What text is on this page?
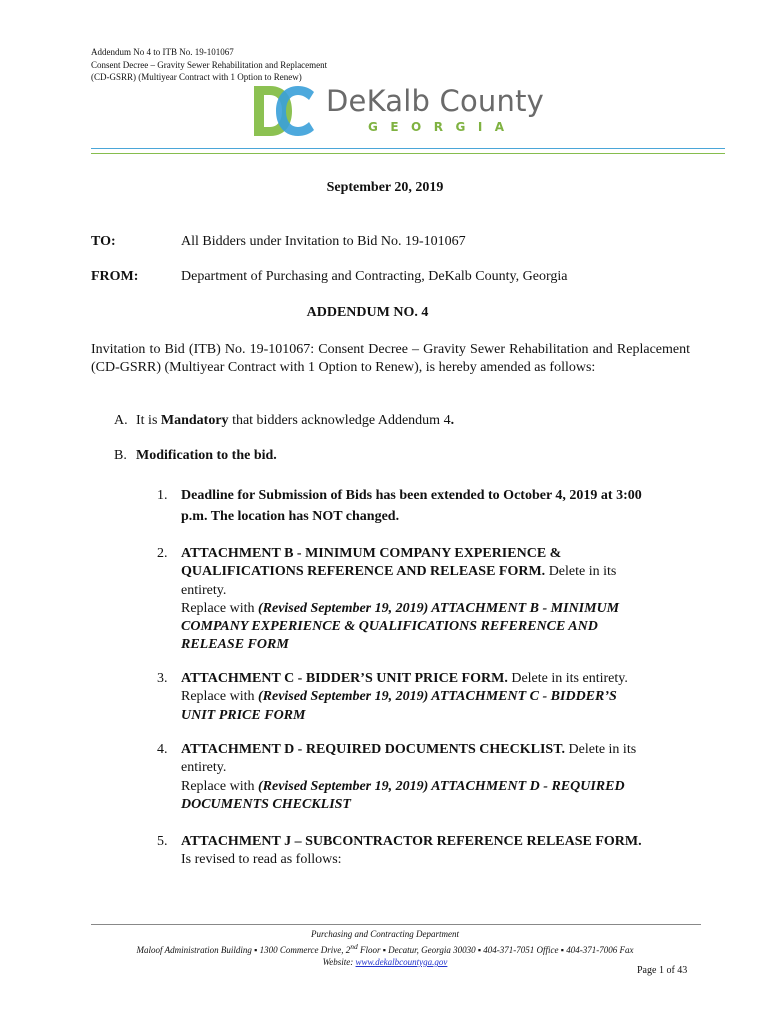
Addendum No 4 to ITB No. 19-101067
Consent Decree – Gravity Sewer Rehabilitation and Replacement
(CD-GSRR) (Multiyear Contract with 1 Option to Renew)
DeKalb County
GEORGIA
September 20, 2019
TO:	All Bidders under Invitation to Bid No. 19-101067
FROM:	Department of Purchasing and Contracting, DeKalb County, Georgia
ADDENDUM NO. 4

Invitation to Bid (ITB) No. 19-101067: Consent Decree – Gravity Sewer Rehabilitation and Replacement (CD-GSRR) (Multiyear Contract with 1 Option to Renew), is hereby amended as follows:

A. It is Mandatory that bidders acknowledge Addendum 4.
B. Modification to the bid.
1. Deadline for Submission of Bids has been extended to October 4, 2019 at 3:00
p.m. The location has NOT changed.
2. ATTACHMENT B - MINIMUM COMPANY EXPERIENCE &
QUALIFICATIONS REFERENCE AND RELEASE FORM. Delete in its
entirety.
Replace with (Revised September 19, 2019) ATTACHMENT B - MINIMUM
COMPANY EXPERIENCE & QUALIFICATIONS REFERENCE AND
RELEASE FORM
3. ATTACHMENT C - BIDDER’S UNIT PRICE FORM. Delete in its entirety.
Replace with (Revised September 19, 2019) ATTACHMENT C - BIDDER’S
UNIT PRICE FORM
4. ATTACHMENT D - REQUIRED DOCUMENTS CHECKLIST. Delete in its
entirety.
Replace with (Revised September 19, 2019) ATTACHMENT D - REQUIRED
DOCUMENTS CHECKLIST
5. ATTACHMENT J – SUBCONTRACTOR REFERENCE RELEASE FORM.
Is revised to read as follows:
Purchasing and Contracting Department
Maloof Administration Building ▪ 1300 Commerce Drive, 2nd Floor ▪ Decatur, Georgia 30030 ▪ 404-371-7051 Office ▪ 404-371-7006 Fax
Website: www.dekalbcountyga.gov
Page 1 of 43
